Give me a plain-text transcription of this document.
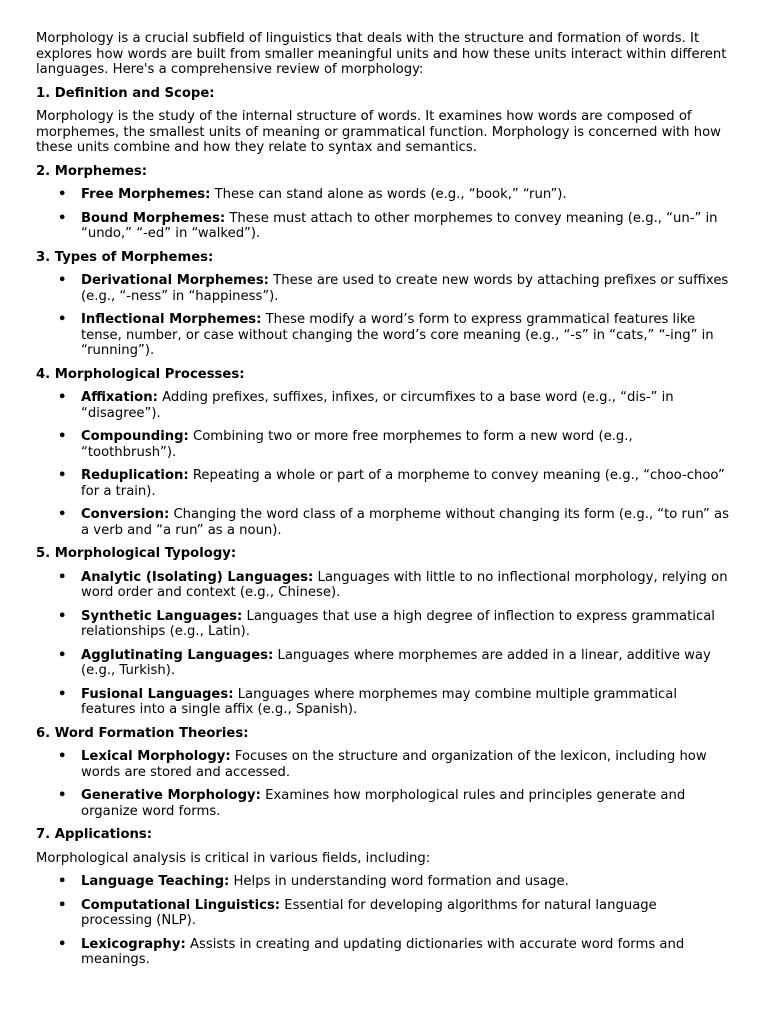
Morphology is a crucial subfield of linguistics that deals with the structure and formation of words. It explores how words are built from smaller meaningful units and how these units interact within different languages. Here's a comprehensive review of morphology:

1. Definition and Scope:

Morphology is the study of the internal structure of words. It examines how words are composed of morphemes, the smallest units of meaning or grammatical function. Morphology is concerned with how these units combine and how they relate to syntax and semantics.

2. Morphemes:
• Free Morphemes: These can stand alone as words (e.g., “book,” “run”).
• Bound Morphemes: These must attach to other morphemes to convey meaning (e.g., “un-” in “undo,” “-ed” in “walked”).
3. Types of Morphemes:
• Derivational Morphemes: These are used to create new words by attaching prefixes or suffixes (e.g., “-ness” in “happiness”).
• Inflectional Morphemes: These modify a word’s form to express grammatical features like tense, number, or case without changing the word’s core meaning (e.g., “-s” in “cats,” “-ing” in “running”).
4. Morphological Processes:
• Affixation: Adding prefixes, suffixes, infixes, or circumfixes to a base word (e.g., “dis-” in “disagree”).
• Compounding: Combining two or more free morphemes to form a new word (e.g., “toothbrush”).
• Reduplication: Repeating a whole or part of a morpheme to convey meaning (e.g., “choo-choo” for a train).
• Conversion: Changing the word class of a morpheme without changing its form (e.g., “to run” as a verb and “a run” as a noun).
5. Morphological Typology:
• Analytic (Isolating) Languages: Languages with little to no inflectional morphology, relying on word order and context (e.g., Chinese).
• Synthetic Languages: Languages that use a high degree of inflection to express grammatical relationships (e.g., Latin).
• Agglutinating Languages: Languages where morphemes are added in a linear, additive way (e.g., Turkish).
• Fusional Languages: Languages where morphemes may combine multiple grammatical features into a single affix (e.g., Spanish).
6. Word Formation Theories:
• Lexical Morphology: Focuses on the structure and organization of the lexicon, including how words are stored and accessed.
• Generative Morphology: Examines how morphological rules and principles generate and organize word forms.
7. Applications:

Morphological analysis is critical in various fields, including:

• Language Teaching: Helps in understanding word formation and usage.
• Computational Linguistics: Essential for developing algorithms for natural language processing (NLP).
• Lexicography: Assists in creating and updating dictionaries with accurate word forms and meanings.
